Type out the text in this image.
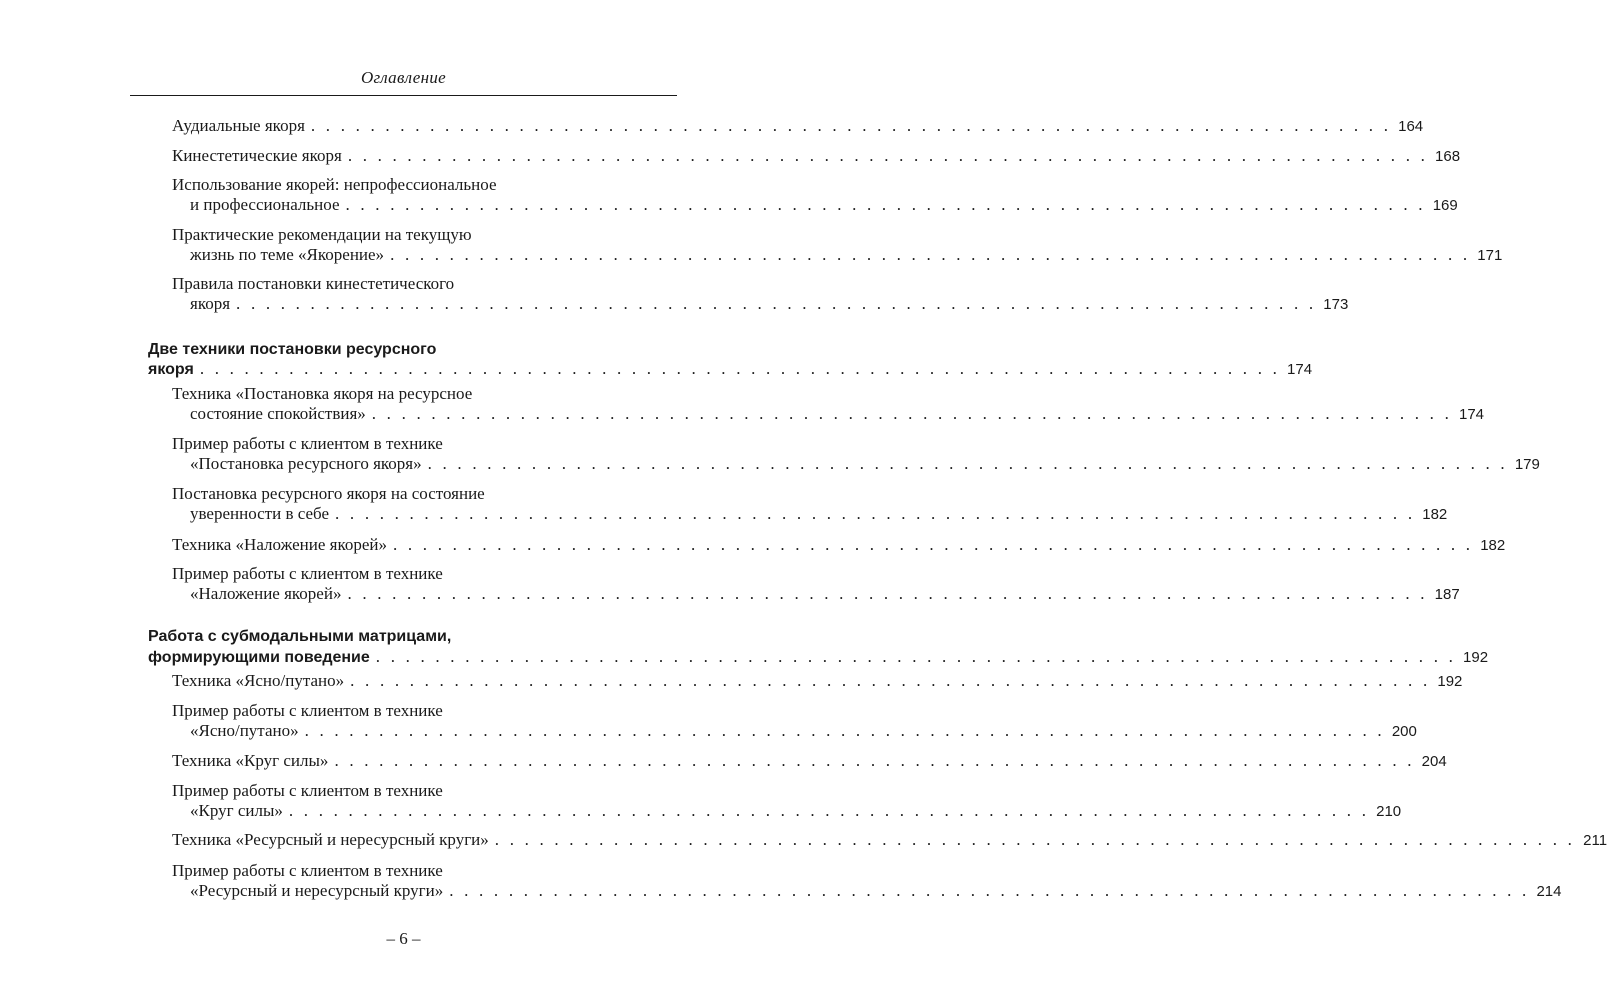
Оглавление
Аудиальные якоря . . . . . . . . . . . . . . . . . . . . . . . . . . . . . . . . . . . . . . . . . . . . . . . . . . . . . . . . . . . . . . . . . . . . . . . . . 164
Кинестетические якоря . . . . . . . . . . . . . . . . . . . . . . . . . . . . . . . . . . . . . . . . . . . . . . . . . . . . . . . . . . . . . . . . . . . . . . . . . 168
Использование якорей: непрофессиональное
и профессиональное . . . . . . . . . . . . . . . . . . . . . . . . . . . . . . . . . . . . . . . . . . . . . . . . . . . . . . . . . . . . . . . . . . . . . . . . . 169
Практические рекомендации на текущую
жизнь по теме «Якорение» . . . . . . . . . . . . . . . . . . . . . . . . . . . . . . . . . . . . . . . . . . . . . . . . . . . . . . . . . . . . . . . . . . . . . . . . . 171
Правила постановки кинестетического
якоря . . . . . . . . . . . . . . . . . . . . . . . . . . . . . . . . . . . . . . . . . . . . . . . . . . . . . . . . . . . . . . . . . . . . . . . . . 173
Две техники постановки ресурсного
якоря . . . . . . . . . . . . . . . . . . . . . . . . . . . . . . . . . . . . . . . . . . . . . . . . . . . . . . . . . . . . . . . . . . . . . . . . . 174
Техника «Постановка якоря на ресурсное
состояние спокойствия» . . . . . . . . . . . . . . . . . . . . . . . . . . . . . . . . . . . . . . . . . . . . . . . . . . . . . . . . . . . . . . . . . . . . . . . . . 174
Пример работы с клиентом в технике
«Постановка ресурсного якоря» . . . . . . . . . . . . . . . . . . . . . . . . . . . . . . . . . . . . . . . . . . . . . . . . . . . . . . . . . . . . . . . . . . . . . . . . . 179
Постановка ресурсного якоря на состояние
уверенности в себе . . . . . . . . . . . . . . . . . . . . . . . . . . . . . . . . . . . . . . . . . . . . . . . . . . . . . . . . . . . . . . . . . . . . . . . . . 182
Техника «Наложение якорей» . . . . . . . . . . . . . . . . . . . . . . . . . . . . . . . . . . . . . . . . . . . . . . . . . . . . . . . . . . . . . . . . . . . . . . . . . 182
Пример работы с клиентом в технике
«Наложение якорей» . . . . . . . . . . . . . . . . . . . . . . . . . . . . . . . . . . . . . . . . . . . . . . . . . . . . . . . . . . . . . . . . . . . . . . . . . 187
Работа с субмодальными матрицами,
формирующими поведение . . . . . . . . . . . . . . . . . . . . . . . . . . . . . . . . . . . . . . . . . . . . . . . . . . . . . . . . . . . . . . . . . . . . . . . . . 192
Техника «Ясно/путано» . . . . . . . . . . . . . . . . . . . . . . . . . . . . . . . . . . . . . . . . . . . . . . . . . . . . . . . . . . . . . . . . . . . . . . . . . 192
Пример работы с клиентом в технике
«Ясно/путано» . . . . . . . . . . . . . . . . . . . . . . . . . . . . . . . . . . . . . . . . . . . . . . . . . . . . . . . . . . . . . . . . . . . . . . . . . 200
Техника «Круг силы» . . . . . . . . . . . . . . . . . . . . . . . . . . . . . . . . . . . . . . . . . . . . . . . . . . . . . . . . . . . . . . . . . . . . . . . . . 204
Пример работы с клиентом в технике
«Круг силы» . . . . . . . . . . . . . . . . . . . . . . . . . . . . . . . . . . . . . . . . . . . . . . . . . . . . . . . . . . . . . . . . . . . . . . . . . 210
Техника «Ресурсный и нересурсный круги» . . . . . . . . . . . . . . . . . . . . . . . . . . . . . . . . . . . . . . . . . . . . . . . . . . . . . . . . . . . . . . . . . . . . . . . . . 211
Пример работы с клиентом в технике
«Ресурсный и нересурсный круги» . . . . . . . . . . . . . . . . . . . . . . . . . . . . . . . . . . . . . . . . . . . . . . . . . . . . . . . . . . . . . . . . . . . . . . . . . 214
– 6 –
